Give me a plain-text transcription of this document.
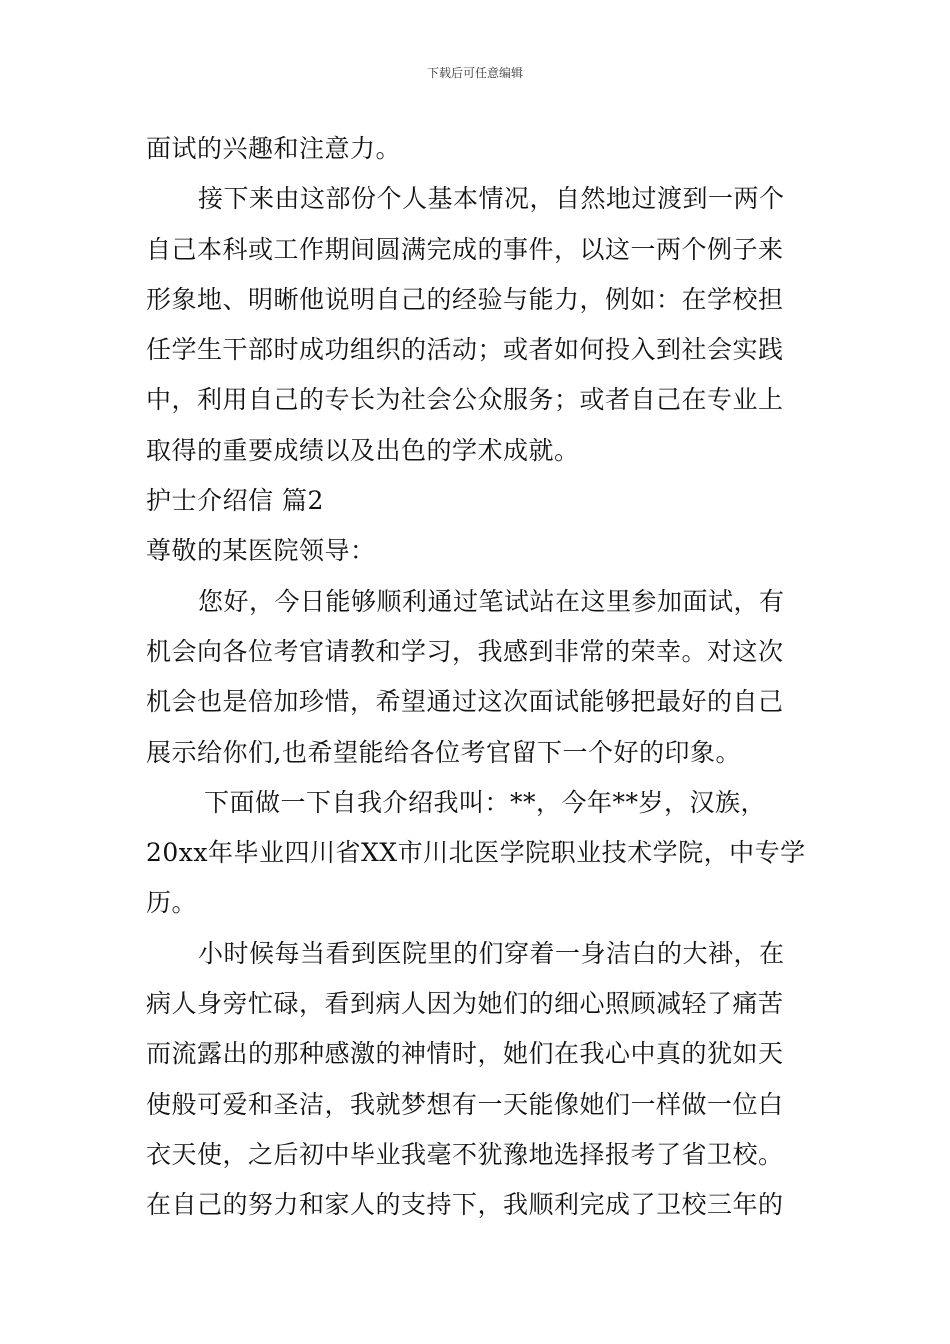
下载后可任意编辑
面试的兴趣和注意力。
接下来由这部份个人基本情况，自然地过渡到一两个
自己本科或工作期间圆满完成的事件，以这一两个例子来
形象地、明晰他说明自己的经验与能力，例如：在学校担
任学生干部时成功组织的活动；或者如何投入到社会实践
中，利用自己的专长为社会公众服务；或者自己在专业上
取得的重要成绩以及出色的学术成就。
护士介绍信 篇2
尊敬的某医院领导：
您好，今日能够顺利通过笔试站在这里参加面试，有
机会向各位考官请教和学习，我感到非常的荣幸。对这次
机会也是倍加珍惜，希望通过这次面试能够把最好的自己
展示给你们,也希望能给各位考官留下一个好的印象。
下面做一下自我介绍我叫：**，今年**岁，汉族，
20xx年毕业四川省XX市川北医学院职业技术学院，中专学
历。
小时候每当看到医院里的们穿着一身洁白的大褂，在
病人身旁忙碌，看到病人因为她们的细心照顾减轻了痛苦
而流露出的那种感激的神情时，她们在我心中真的犹如天
使般可爱和圣洁，我就梦想有一天能像她们一样做一位白
衣天使，之后初中毕业我毫不犹豫地选择报考了省卫校。
在自己的努力和家人的支持下，我顺利完成了卫校三年的
